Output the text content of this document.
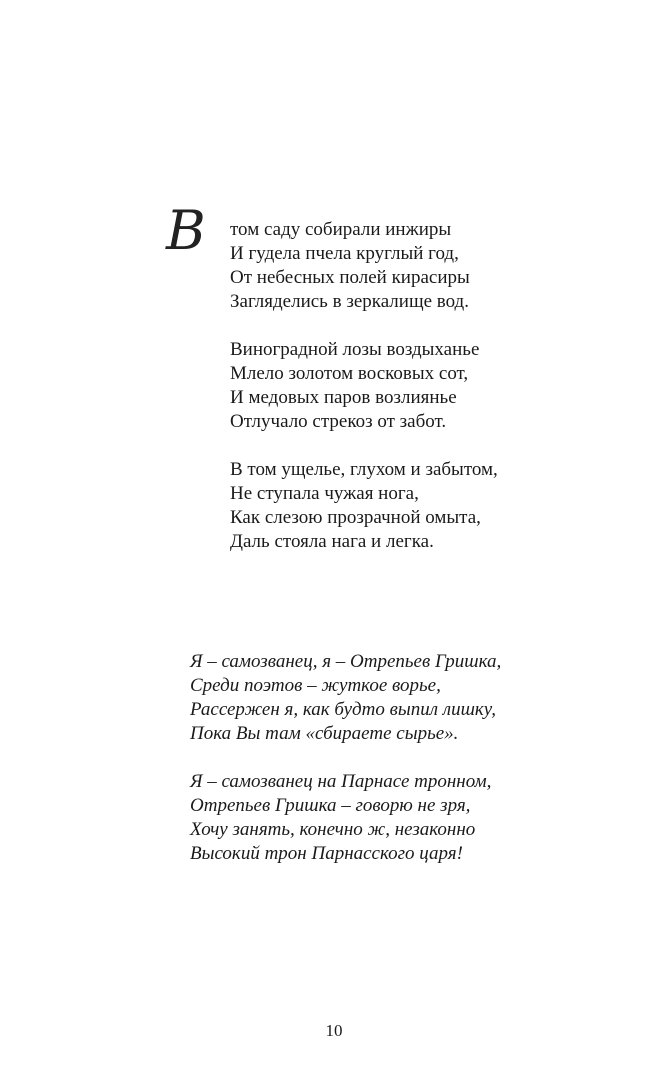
В том саду собирали инжиры
И гудела пчела круглый год,
От небесных полей кирасиры
Загляделись в зеркалище вод.
Виноградной лозы воздыханье
Млело золотом восковых сот,
И медовых паров возлиянье
Отлучало стрекоз от забот.
В том ущелье, глухом и забытом,
Не ступала чужая нога,
Как слезою прозрачной омыта,
Даль стояла нага и легка.
Я – самозванец, я – Отрепьев Гришка,
Среди поэтов – жуткое ворье,
Рассержен я, как будто выпил лишку,
Пока Вы там «сбираете сырье».
Я – самозванец на Парнасе тронном,
Отрепьев Гришка – говорю не зря,
Хочу занять, конечно ж, незаконно
Высокий трон Парнасского царя!
10
